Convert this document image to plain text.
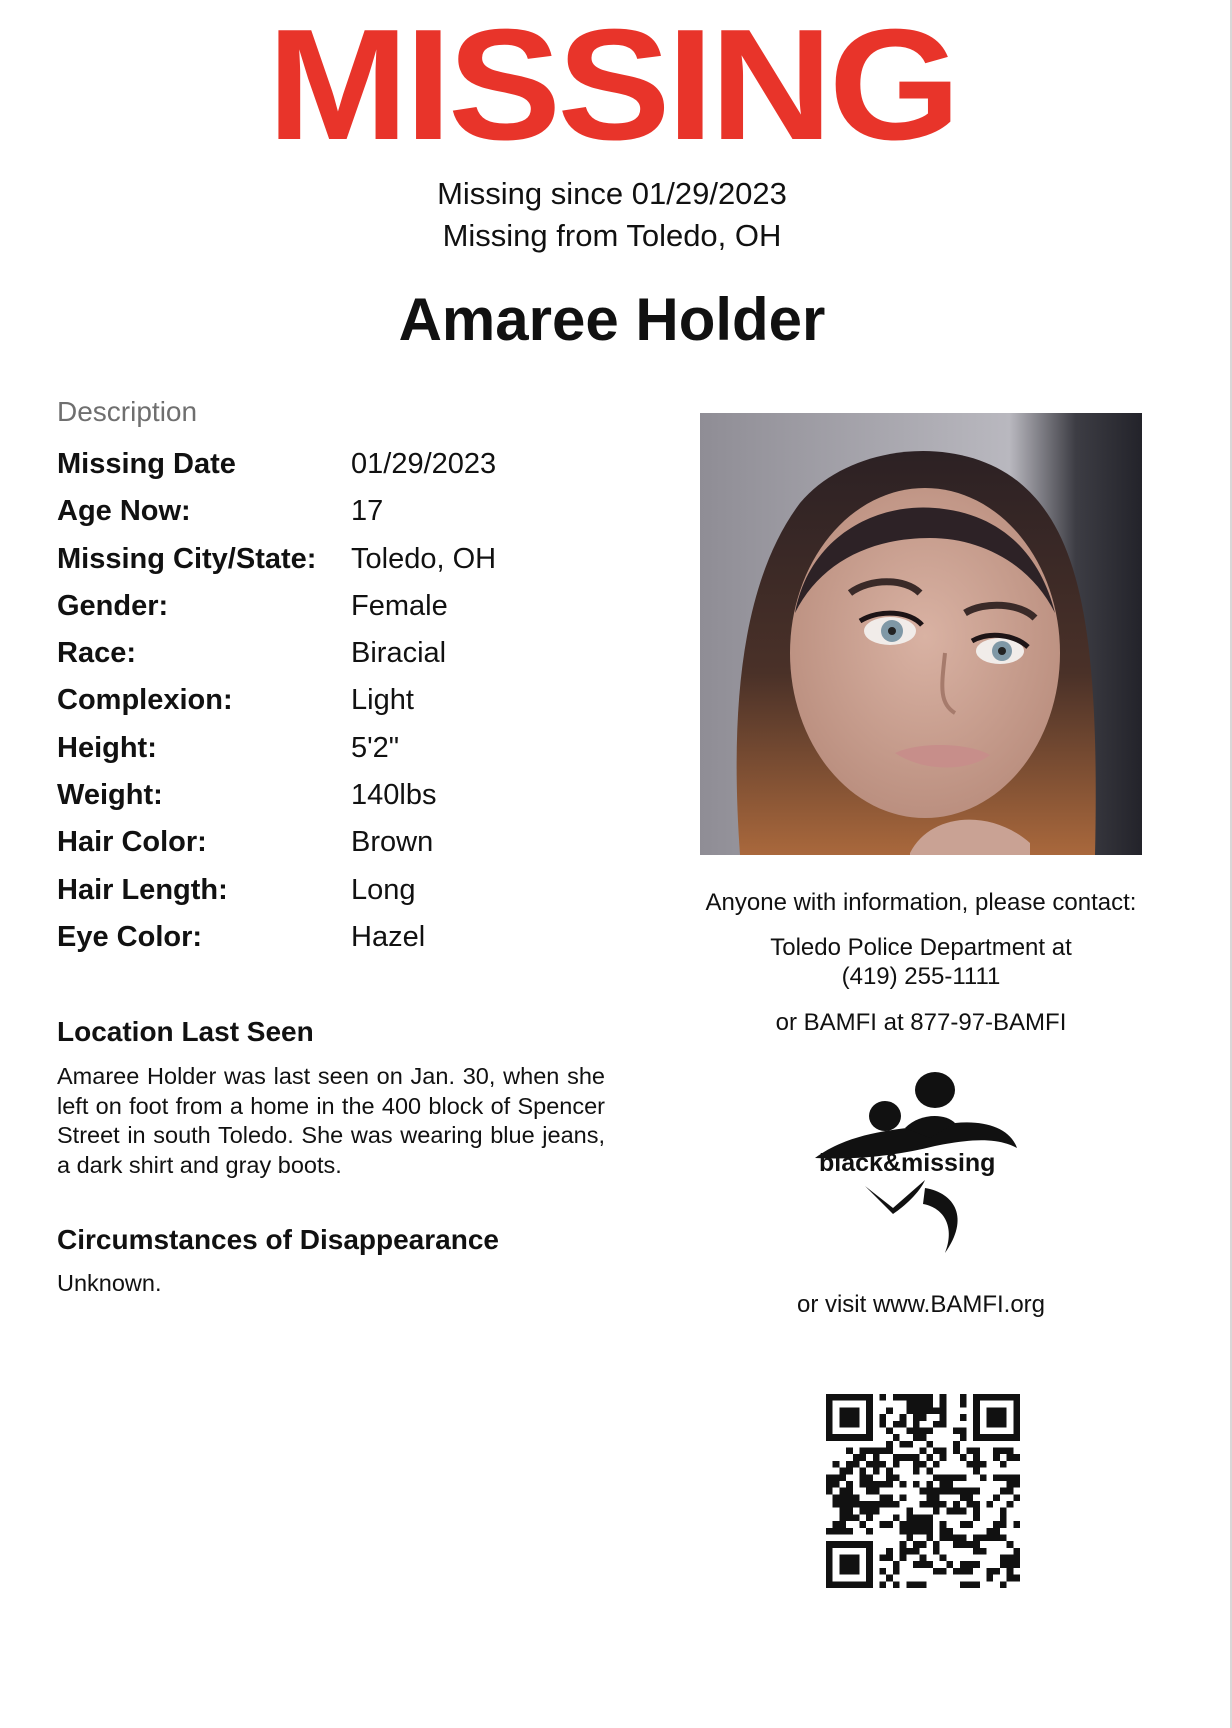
MISSING
Missing since 01/29/2023
Missing from Toledo, OH
Amaree Holder
Description
Missing Date	01/29/2023
Age Now:	17
Missing City/State: Toledo, OH
Gender:	Female
Race:	Biracial
Complexion:	Light
Height:	5'2"
Weight:	140lbs
Hair Color:	Brown
Hair Length:	Long
Eye Color:	Hazel
Location Last Seen
Amaree Holder was last seen on Jan. 30, when she left on foot from a home in the 400 block of Spencer Street in south Toledo. She was wearing blue jeans, a dark shirt and gray boots.
Circumstances of Disappearance
Unknown.
Anyone with information, please contact:
Toledo Police Department at
(419) 255-1111
or BAMFI at 877-97-BAMFI
black&missing
or visit www.BAMFI.org
